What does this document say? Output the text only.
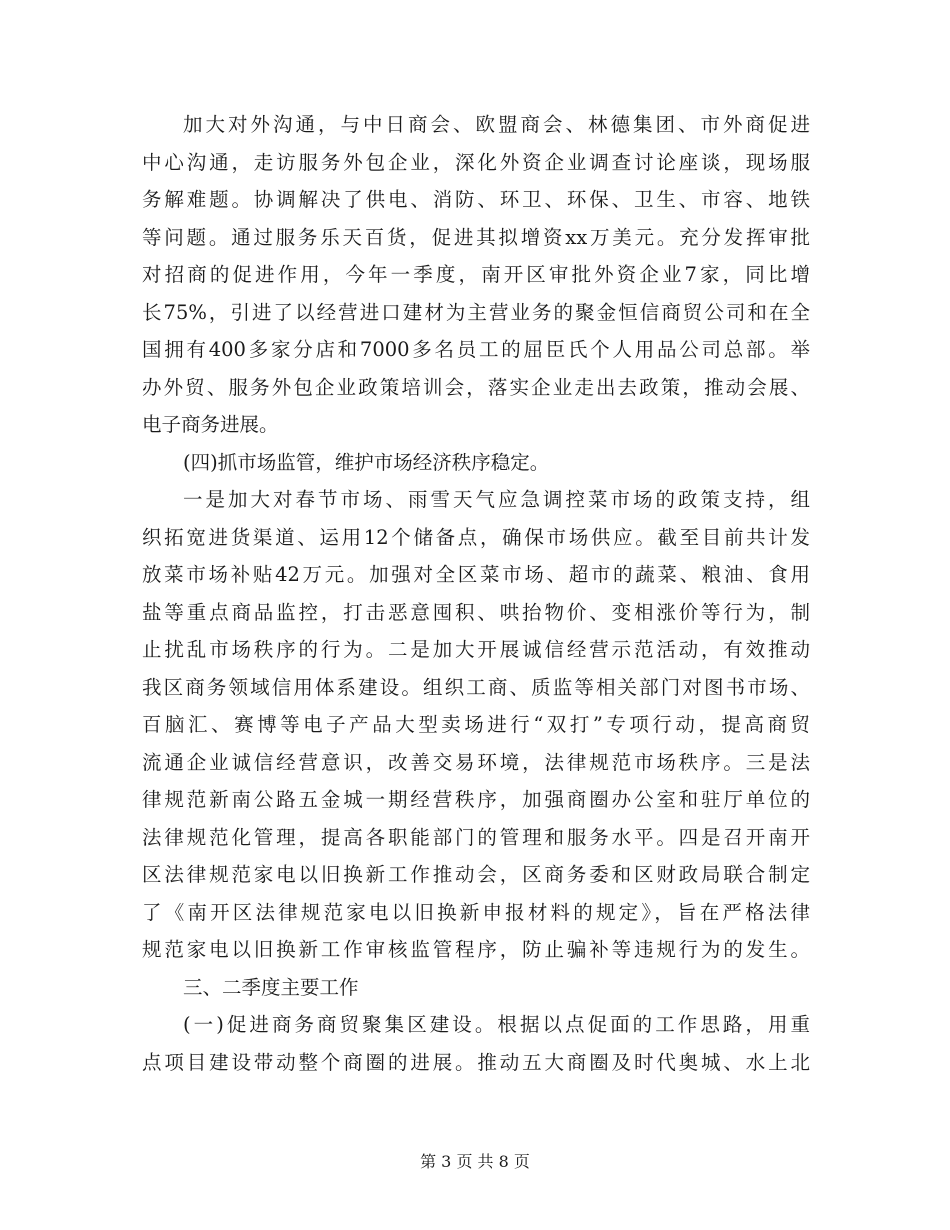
加大对外沟通，与中日商会、欧盟商会、林德集团、市外商促进
中心沟通，走访服务外包企业，深化外资企业调查讨论座谈，现场服
务解难题。协调解决了供电、消防、环卫、环保、卫生、市容、地铁
等问题。通过服务乐天百货，促进其拟增资xx万美元。充分发挥审批
对招商的促进作用，今年一季度，南开区审批外资企业7家，同比增
长75%，引进了以经营进口建材为主营业务的聚金恒信商贸公司和在全
国拥有400多家分店和7000多名员工的屈臣氏个人用品公司总部。举
办外贸、服务外包企业政策培训会，落实企业走出去政策，推动会展、
电子商务进展。
(四)抓市场监管，维护市场经济秩序稳定。
一是加大对春节市场、雨雪天气应急调控菜市场的政策支持，组
织拓宽进货渠道、运用12个储备点，确保市场供应。截至目前共计发
放菜市场补贴42万元。加强对全区菜市场、超市的蔬菜、粮油、食用
盐等重点商品监控，打击恶意囤积、哄抬物价、变相涨价等行为，制
止扰乱市场秩序的行为。二是加大开展诚信经营示范活动，有效推动
我区商务领域信用体系建设。组织工商、质监等相关部门对图书市场、
百脑汇、赛博等电子产品大型卖场进行“双打”专项行动，提高商贸
流通企业诚信经营意识，改善交易环境，法律规范市场秩序。三是法
律规范新南公路五金城一期经营秩序，加强商圈办公室和驻厅单位的
法律规范化管理，提高各职能部门的管理和服务水平。四是召开南开
区法律规范家电以旧换新工作推动会，区商务委和区财政局联合制定
了《南开区法律规范家电以旧换新申报材料的规定》，旨在严格法律
规范家电以旧换新工作审核监管程序，防止骗补等违规行为的发生。
三、二季度主要工作
(一)促进商务商贸聚集区建设。根据以点促面的工作思路，用重
点项目建设带动整个商圈的进展。推动五大商圈及时代奥城、水上北
第 3 页 共 8 页
